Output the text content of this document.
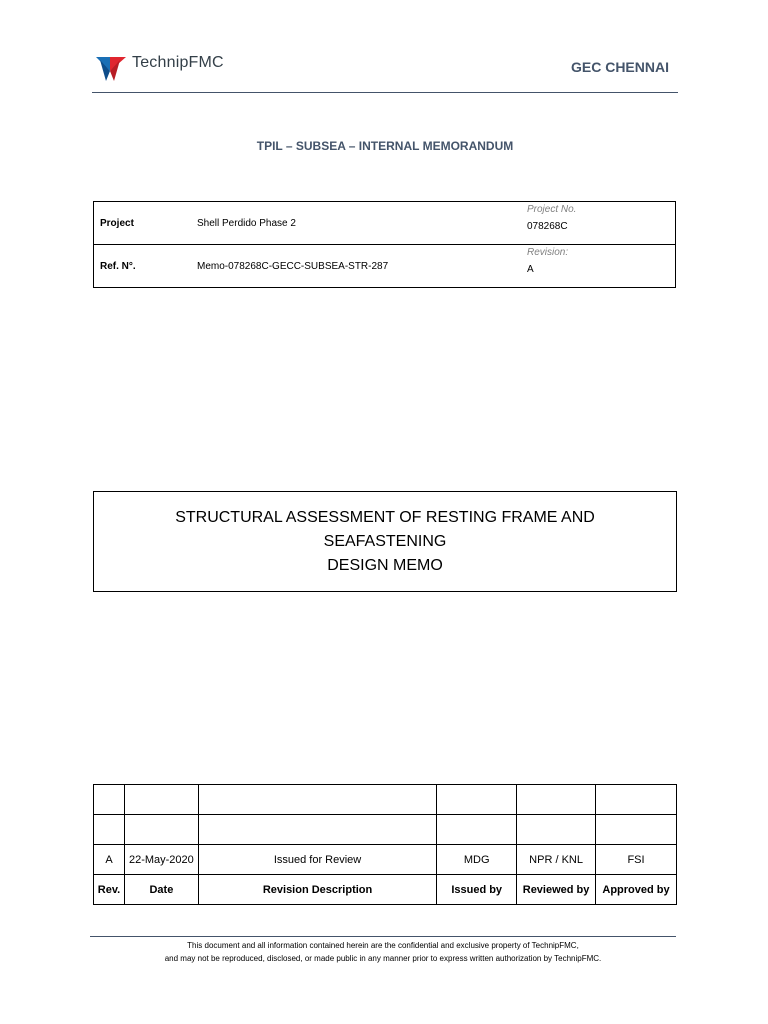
TechnipFMC	GEC CHENNAI
TPIL – SUBSEA – INTERNAL MEMORANDUM
Project	Shell Perdido Phase 2	Project No.
078268C

Ref. N°.	Memo-078268C-GECC-SUBSEA-STR-287	Revision:
A
STRUCTURAL ASSESSMENT OF RESTING FRAME AND SEAFASTENING
DESIGN MEMO

A	22-May-2020	Issued for Review	MDG	NPR / KNL	FSI
Rev.	Date	Revision Description	Issued by	Reviewed by	Approved by
This document and all information contained herein are the confidential and exclusive property of TechnipFMC,
and may not be reproduced, disclosed, or made public in any manner prior to express written authorization by TechnipFMC.
